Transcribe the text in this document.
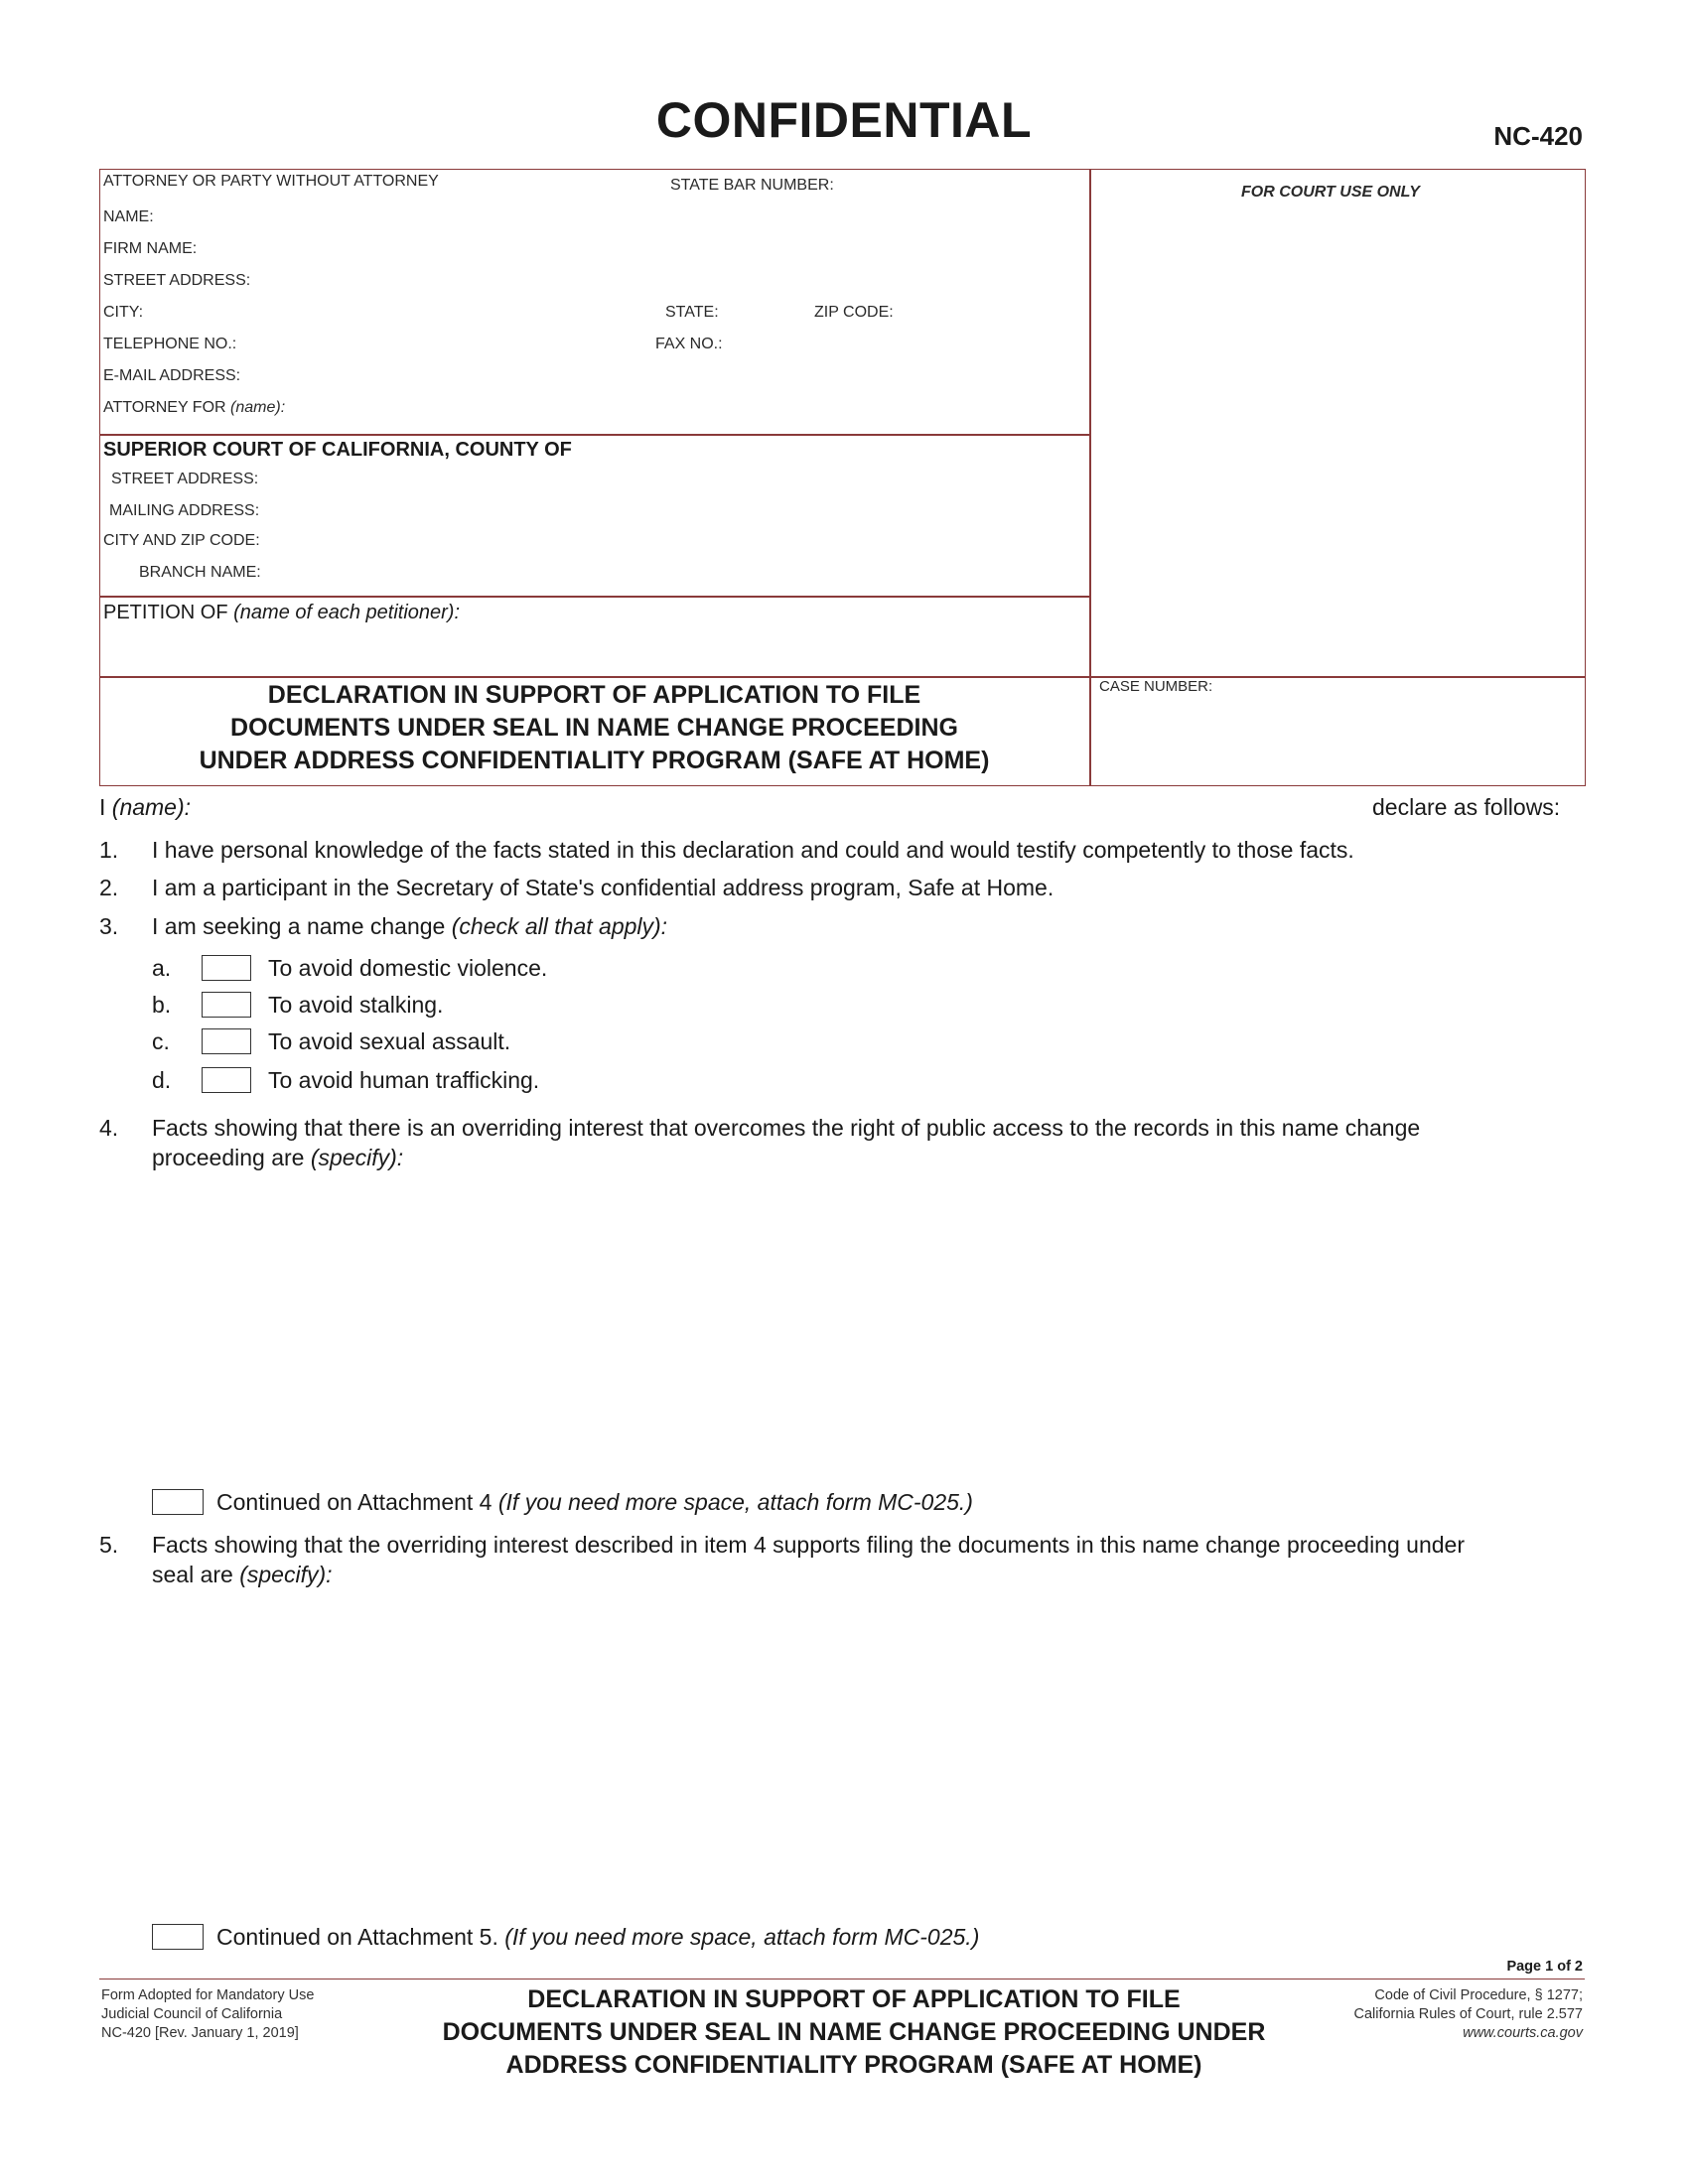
CONFIDENTIAL	NC-420
ATTORNEY OR PARTY WITHOUT ATTORNEY	STATE BAR NUMBER:
NAME:
FIRM NAME:
STREET ADDRESS:
CITY:	STATE:	ZIP CODE:
TELEPHONE NO.:	FAX NO.:
E-MAIL ADDRESS:
ATTORNEY FOR (name):
FOR COURT USE ONLY
SUPERIOR COURT OF CALIFORNIA, COUNTY OF
STREET ADDRESS:
MAILING ADDRESS:
CITY AND ZIP CODE:
BRANCH NAME:
PETITION OF (name of each petitioner):
CASE NUMBER:
DECLARATION IN SUPPORT OF APPLICATION TO FILE
DOCUMENTS UNDER SEAL IN NAME CHANGE PROCEEDING
UNDER ADDRESS CONFIDENTIALITY PROGRAM (SAFE AT HOME)
I (name):	declare as follows:
1. I have personal knowledge of the facts stated in this declaration and could and would testify competently to those facts.
2. I am a participant in the Secretary of State's confidential address program, Safe at Home.
3. I am seeking a name change (check all that apply):
a.	To avoid domestic violence.
b.	To avoid stalking.
c.	To avoid sexual assault.
d.	To avoid human trafficking.
4. Facts showing that there is an overriding interest that overcomes the right of public access to the records in this name change
proceeding are (specify):
Continued on Attachment 4 (If you need more space, attach form MC-025.)
5. Facts showing that the overriding interest described in item 4 supports filing the documents in this name change proceeding under
seal are (specify):
Continued on Attachment 5. (If you need more space, attach form MC-025.)
Page 1 of 2
Form Adopted for Mandatory Use
Judicial Council of California
NC-420 [Rev. January 1, 2019]
DECLARATION IN SUPPORT OF APPLICATION TO FILE
DOCUMENTS UNDER SEAL IN NAME CHANGE PROCEEDING UNDER
ADDRESS CONFIDENTIALITY PROGRAM (SAFE AT HOME)
Code of Civil Procedure, § 1277;
California Rules of Court, rule 2.577
www.courts.ca.gov
